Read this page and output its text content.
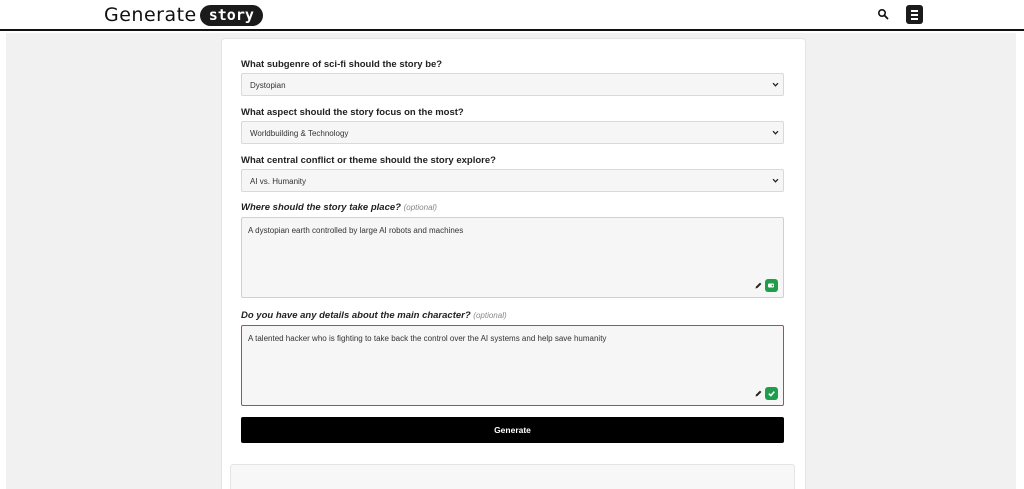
Generate story
What subgenre of sci-fi should the story be?
Dystopian
What aspect should the story focus on the most?
Worldbuilding & Technology
What central conflict or theme should the story explore?
AI vs. Humanity
Where should the story take place? (optional)
A dystopian earth controlled by large AI robots and machines
Do you have any details about the main character? (optional)
A talented hacker who is fighting to take back the control over the AI systems and help save humanity
Generate
